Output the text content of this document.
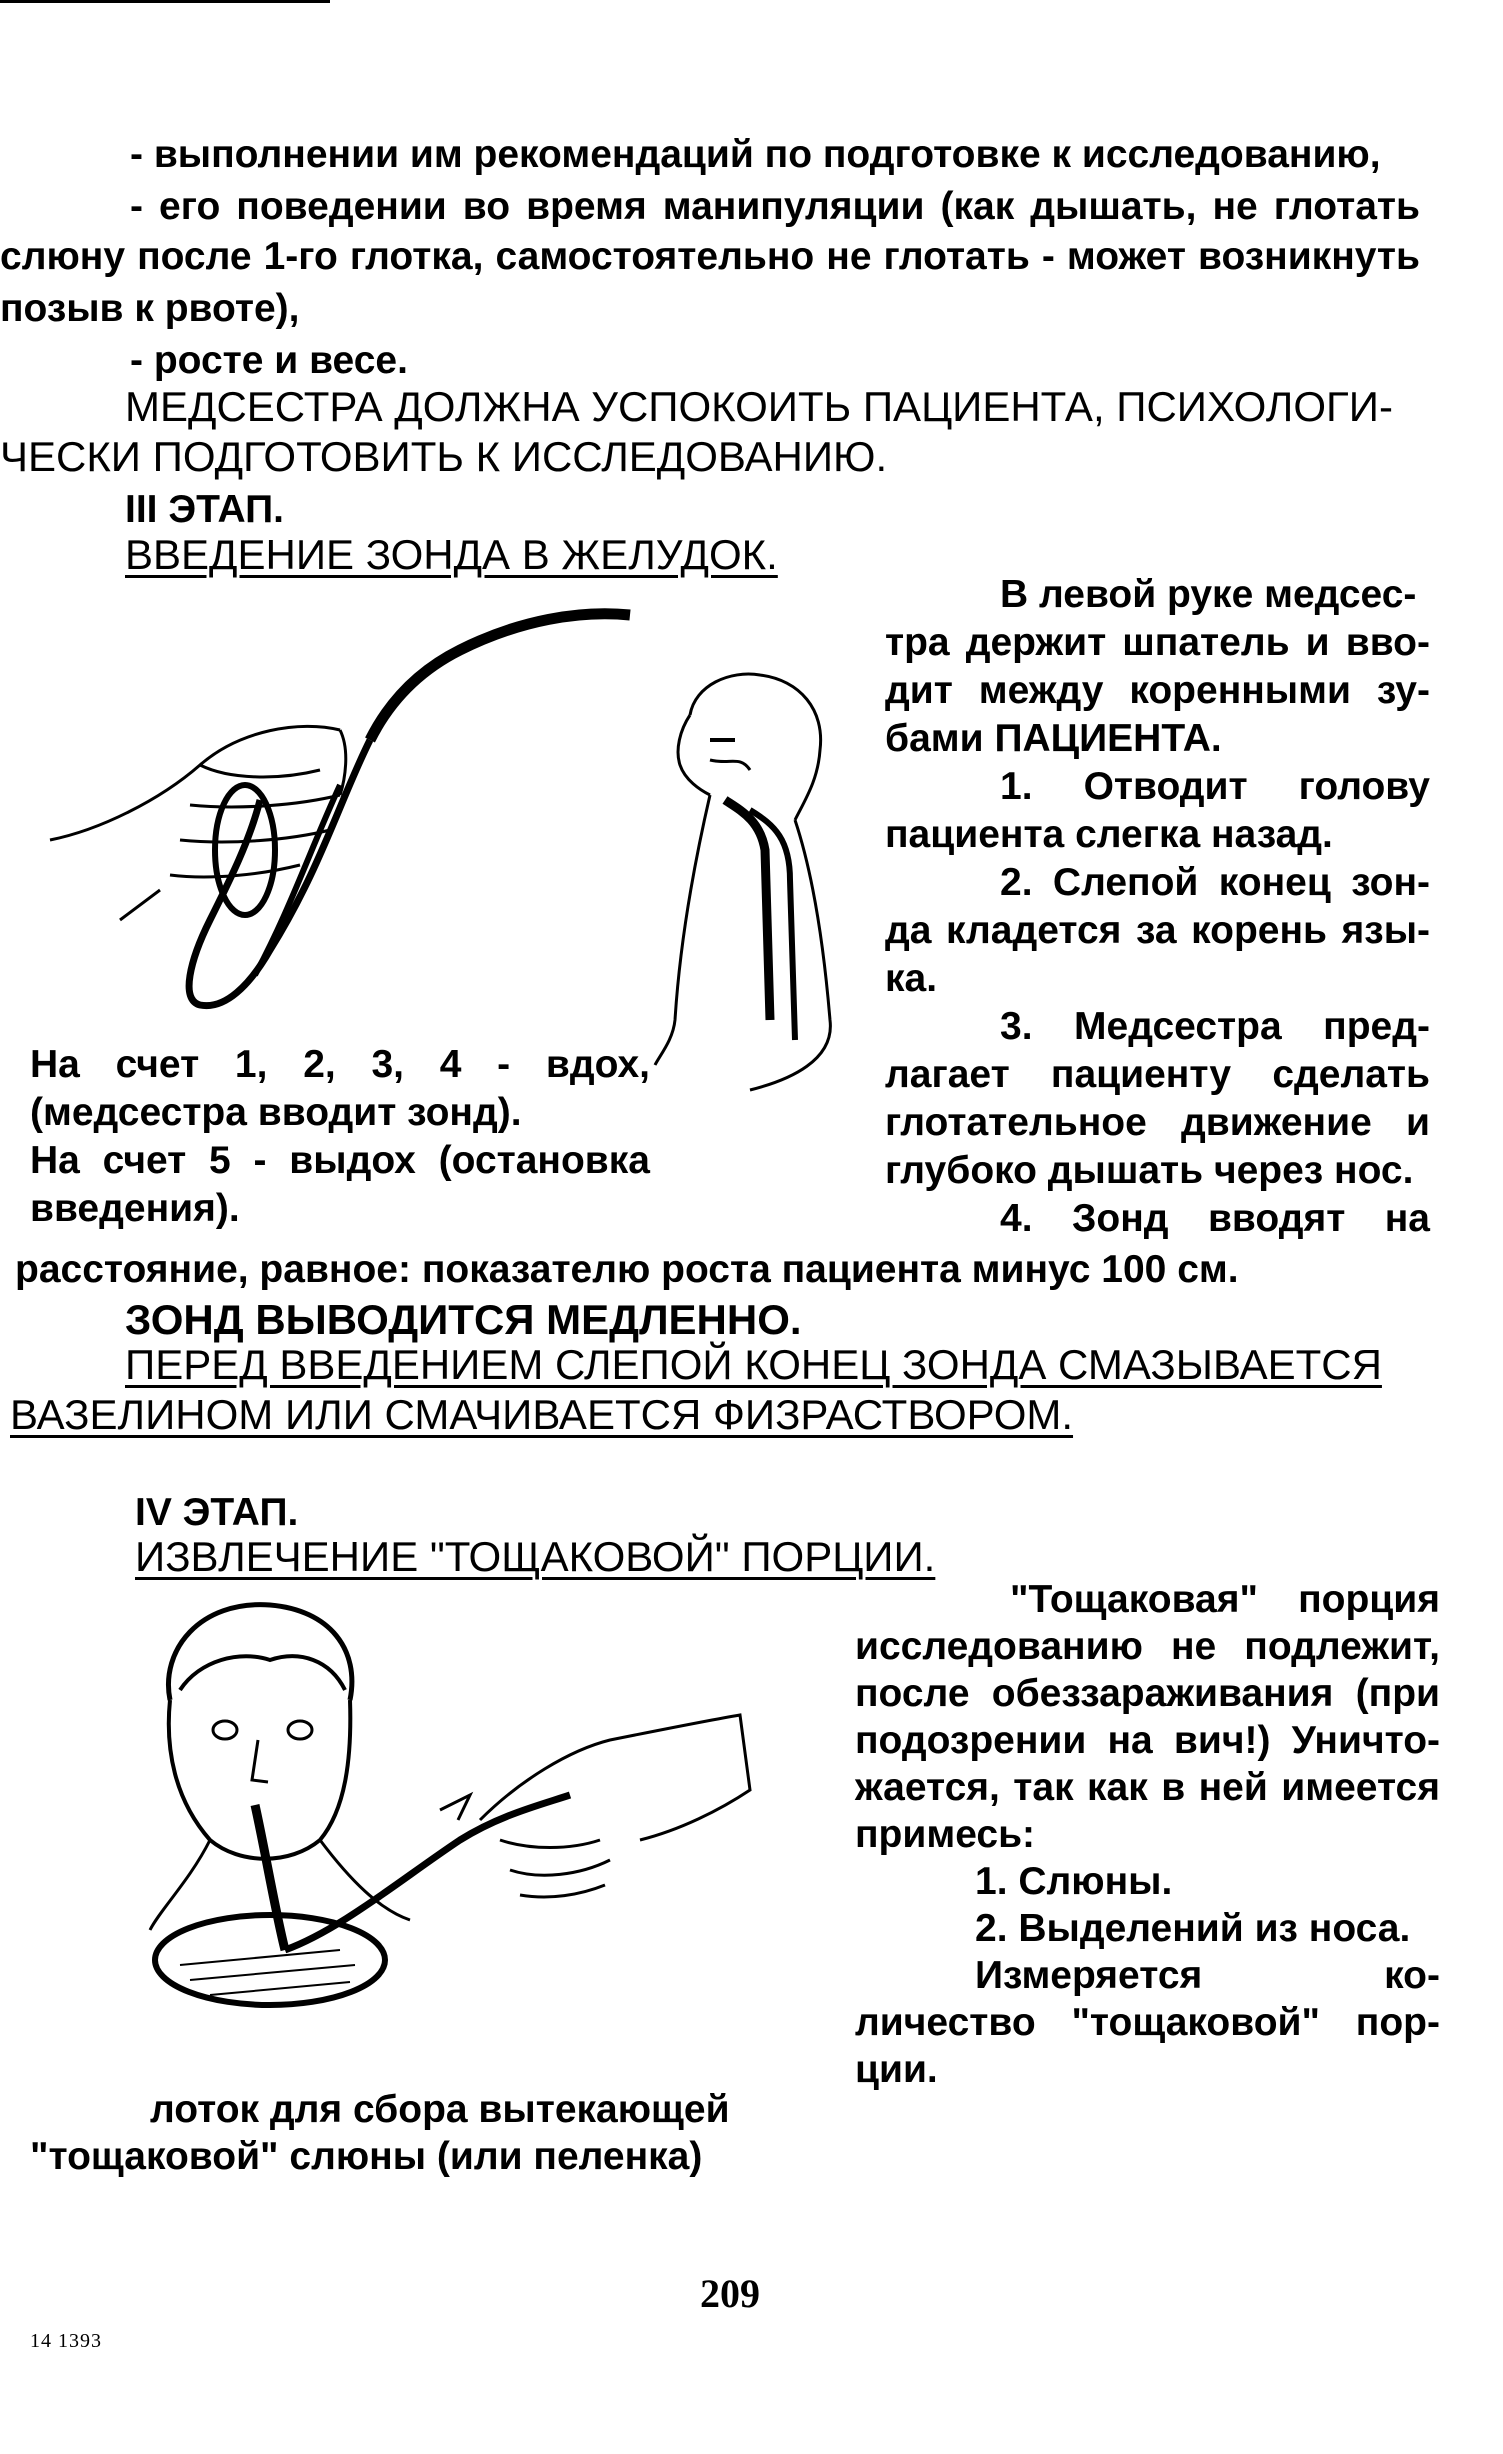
- выполнении им рекомендаций по подготовке к исследованию,
- его поведении во время манипуляции (как дышать, не глотать
слюну после 1-го глотка, самостоятельно не глотать - может возникнуть
позыв к рвоте),
- росте и весе.
МЕДСЕСТРА ДОЛЖНА УСПОКОИТЬ ПАЦИЕНТА, ПСИХОЛОГИ-
ЧЕСКИ ПОДГОТОВИТЬ К ИССЛЕДОВАНИЮ.
III ЭТАП.
ВВЕДЕНИЕ ЗОНДА В ЖЕЛУДОК.
В левой руке медсес-
тра держит шпатель и вво-
дит между коренными зу-
бами ПАЦИЕНТА.
1. Отводит голову
пациента слегка назад.
2. Слепой конец зон-
да кладется за корень язы-
ка.
3. Медсестра пред-
лагает пациенту сделать
глотательное движение и
глубоко дышать через нос.
4. Зонд вводят на
На счет 1, 2, 3, 4 - вдох,
(медсестра вводит зонд).
На счет 5 - выдох (остановка
введения).
расстояние, равное: показателю роста пациента минус 100 см.
ЗОНД ВЫВОДИТСЯ МЕДЛЕННО.
ПЕРЕД ВВЕДЕНИЕМ СЛЕПОЙ КОНЕЦ ЗОНДА СМАЗЫВАЕТСЯ
ВАЗЕЛИНОМ ИЛИ СМАЧИВАЕТСЯ ФИЗРАСТВОРОМ.
IV ЭТАП.
ИЗВЛЕЧЕНИЕ "ТОЩАКОВОЙ" ПОРЦИИ.
"Тощаковая" порция
исследованию не подлежит,
после обеззараживания (при
подозрении на вич!) Уничто-
жается, так как в ней имеется
примесь:
1. Слюны.
2. Выделений из носа.
Измеряется ко-
личество "тощаковой" пор-
ции.
лоток для сбора вытекающей
"тощаковой" слюны (или пеленка)
209
14 1393
